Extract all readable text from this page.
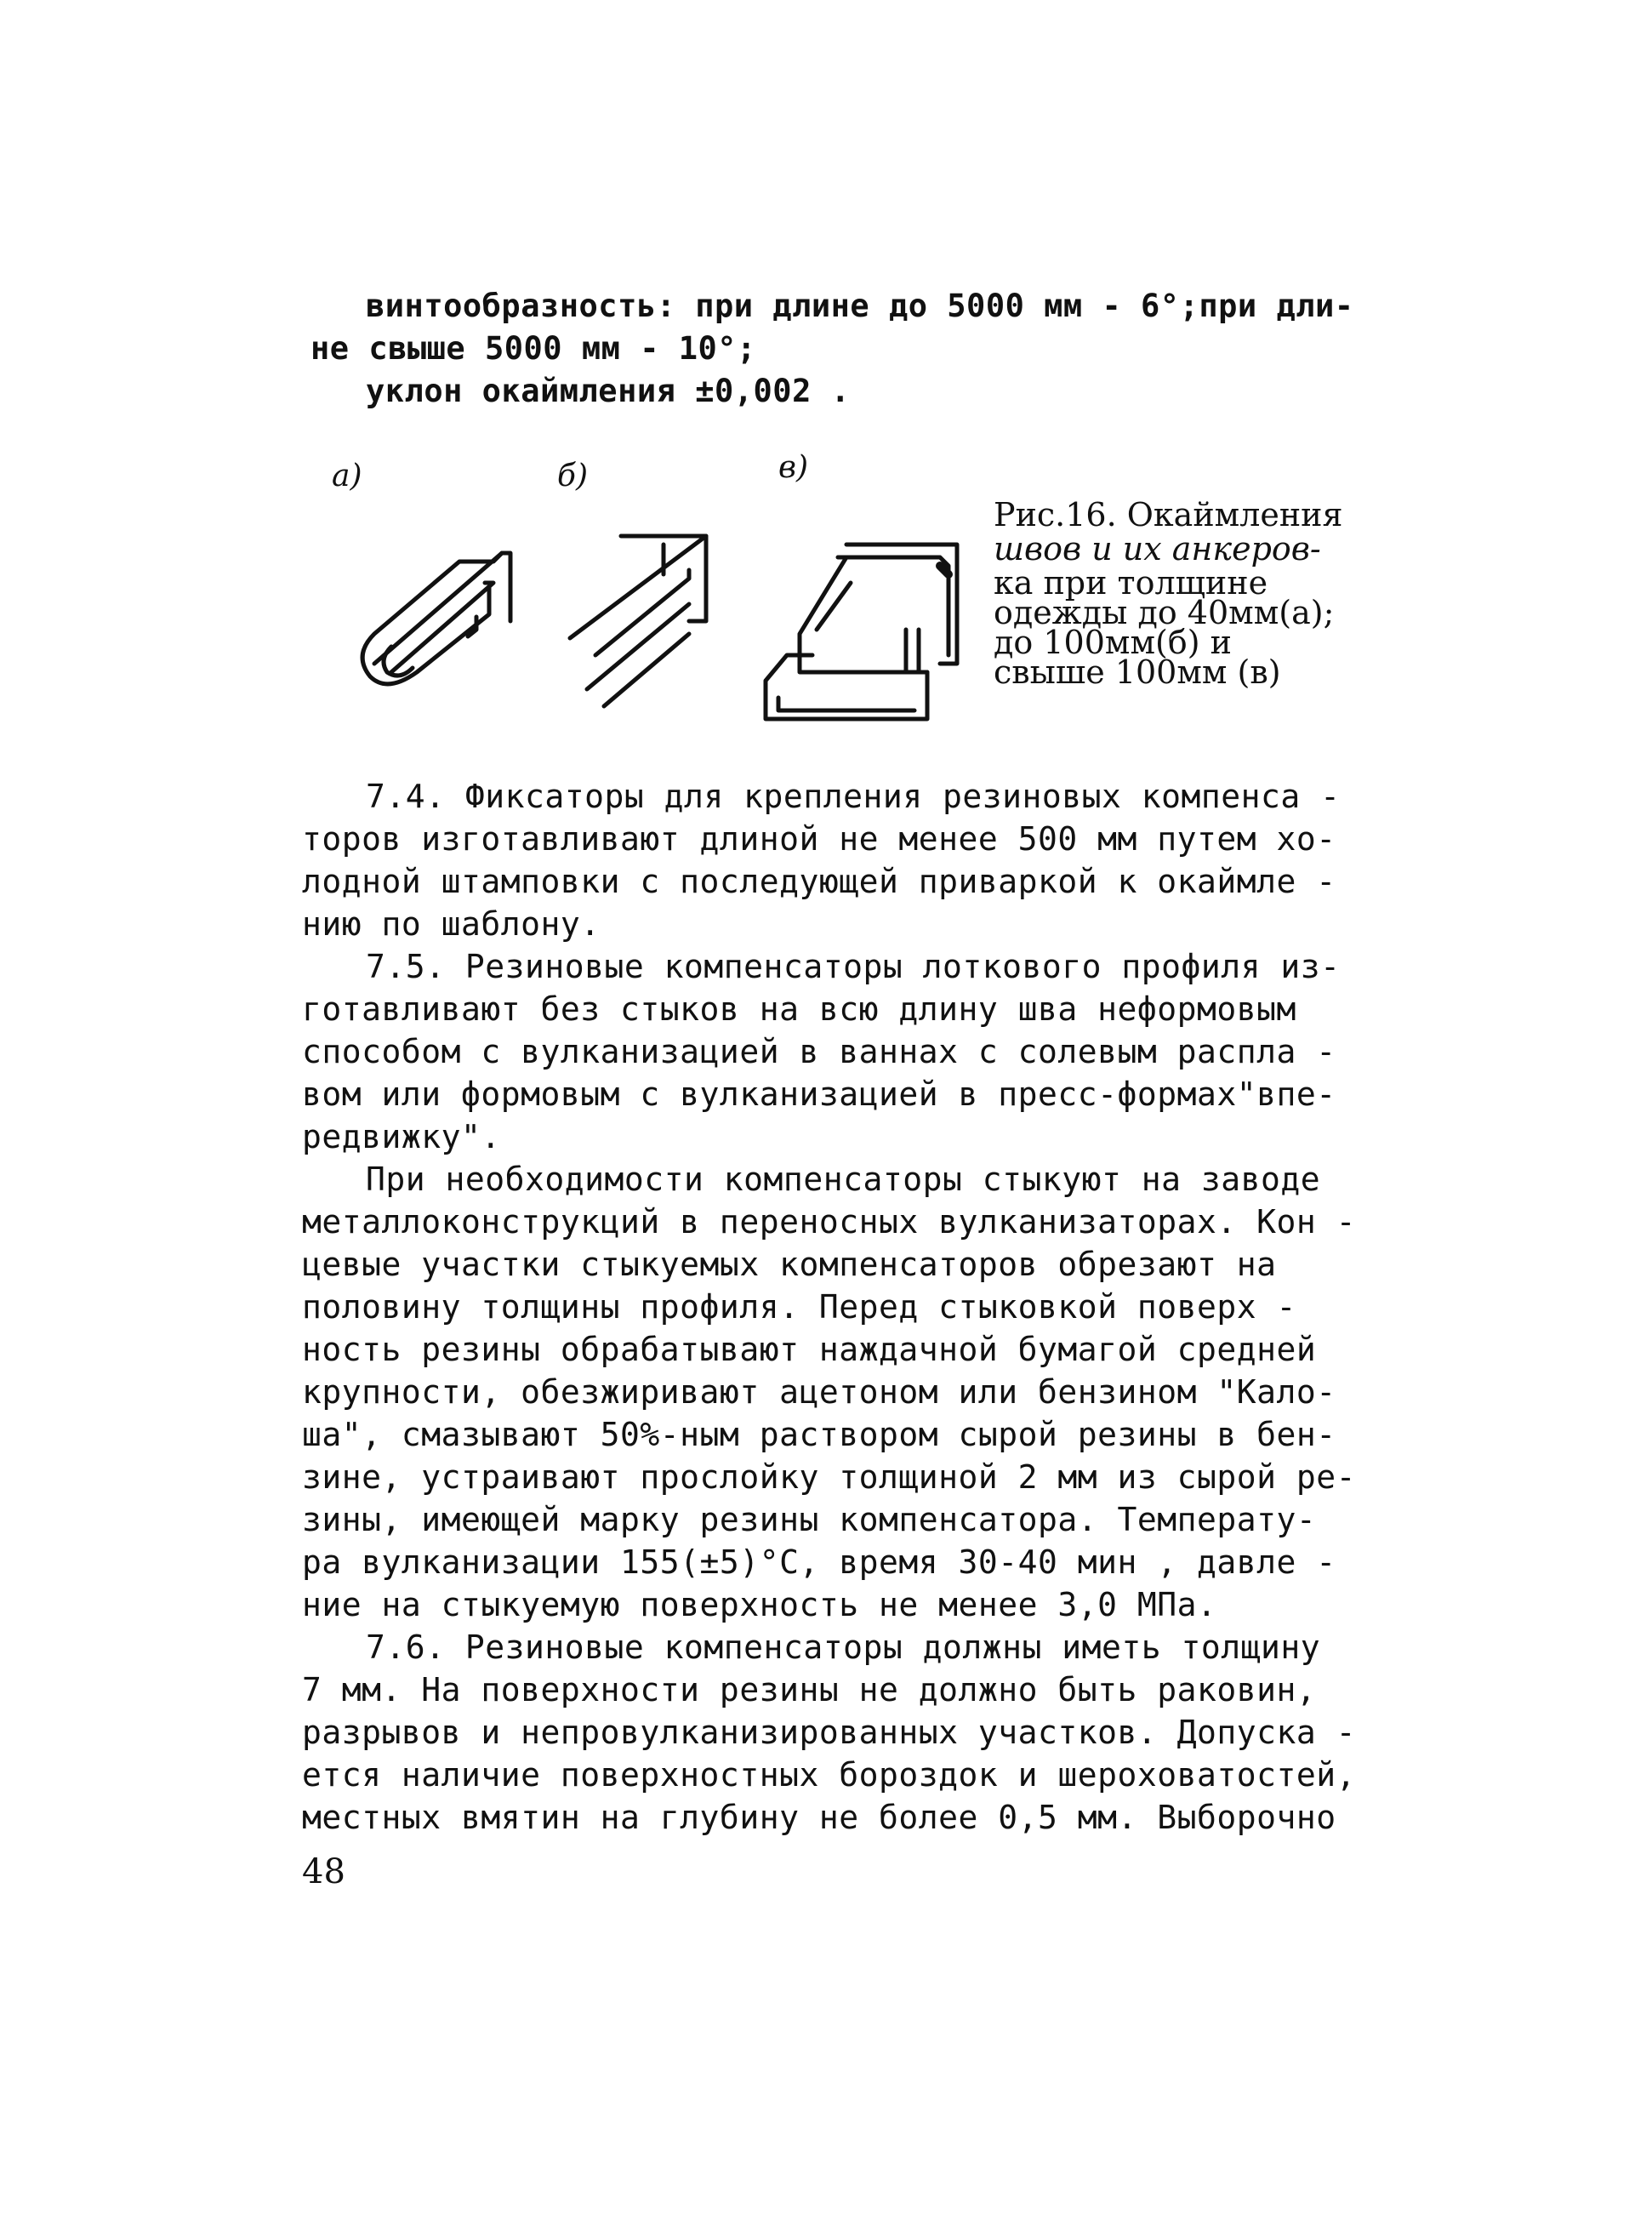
винтообразность: при длине до 5000 мм - 6°;при дли-
не свыше 5000 мм - 10°;
уклон окаймления ±0,002 .
а)	б)	в)
Рис.16. Окаймления
швов и их анкеров-
ка при толщине
одежды до 40мм(а);
до 100мм(б) и
свыше 100мм (в)
7.4. Фиксаторы для крепления резиновых компенса -
торов изготавливают длиной не менее 500 мм путем хо-
лодной штамповки с последующей приваркой к окаймле -
нию по шаблону.
7.5. Резиновые компенсаторы лоткового профиля из-
готавливают без стыков на всю длину шва неформовым
способом с вулканизацией в ваннах с солевым распла -
вом или формовым с вулканизацией в пресс-формах"впе-
редвижку".
При необходимости компенсаторы стыкуют на заводе
металлоконструкций в переносных вулканизаторах. Кон -
цевые участки стыкуемых компенсаторов обрезают на
половину толщины профиля. Перед стыковкой поверх -
ность резины обрабатывают наждачной бумагой средней
крупности, обезжиривают ацетоном или бензином "Кало-
ша", смазывают 50%-ным раствором сырой резины в бен-
зине, устраивают прослойку толщиной 2 мм из сырой ре-
зины, имеющей марку резины компенсатора. Температу-
ра вулканизации 155(±5)°С, время 30-40 мин , давле -
ние на стыкуемую поверхность не менее 3,0 МПа.
7.6. Резиновые компенсаторы должны иметь толщину
7 мм. На поверхности резины не должно быть раковин,
разрывов и непровулканизированных участков. Допуска -
ется наличие поверхностных бороздок и шероховатостей,
местных вмятин на глубину не более 0,5 мм. Выборочно
48
